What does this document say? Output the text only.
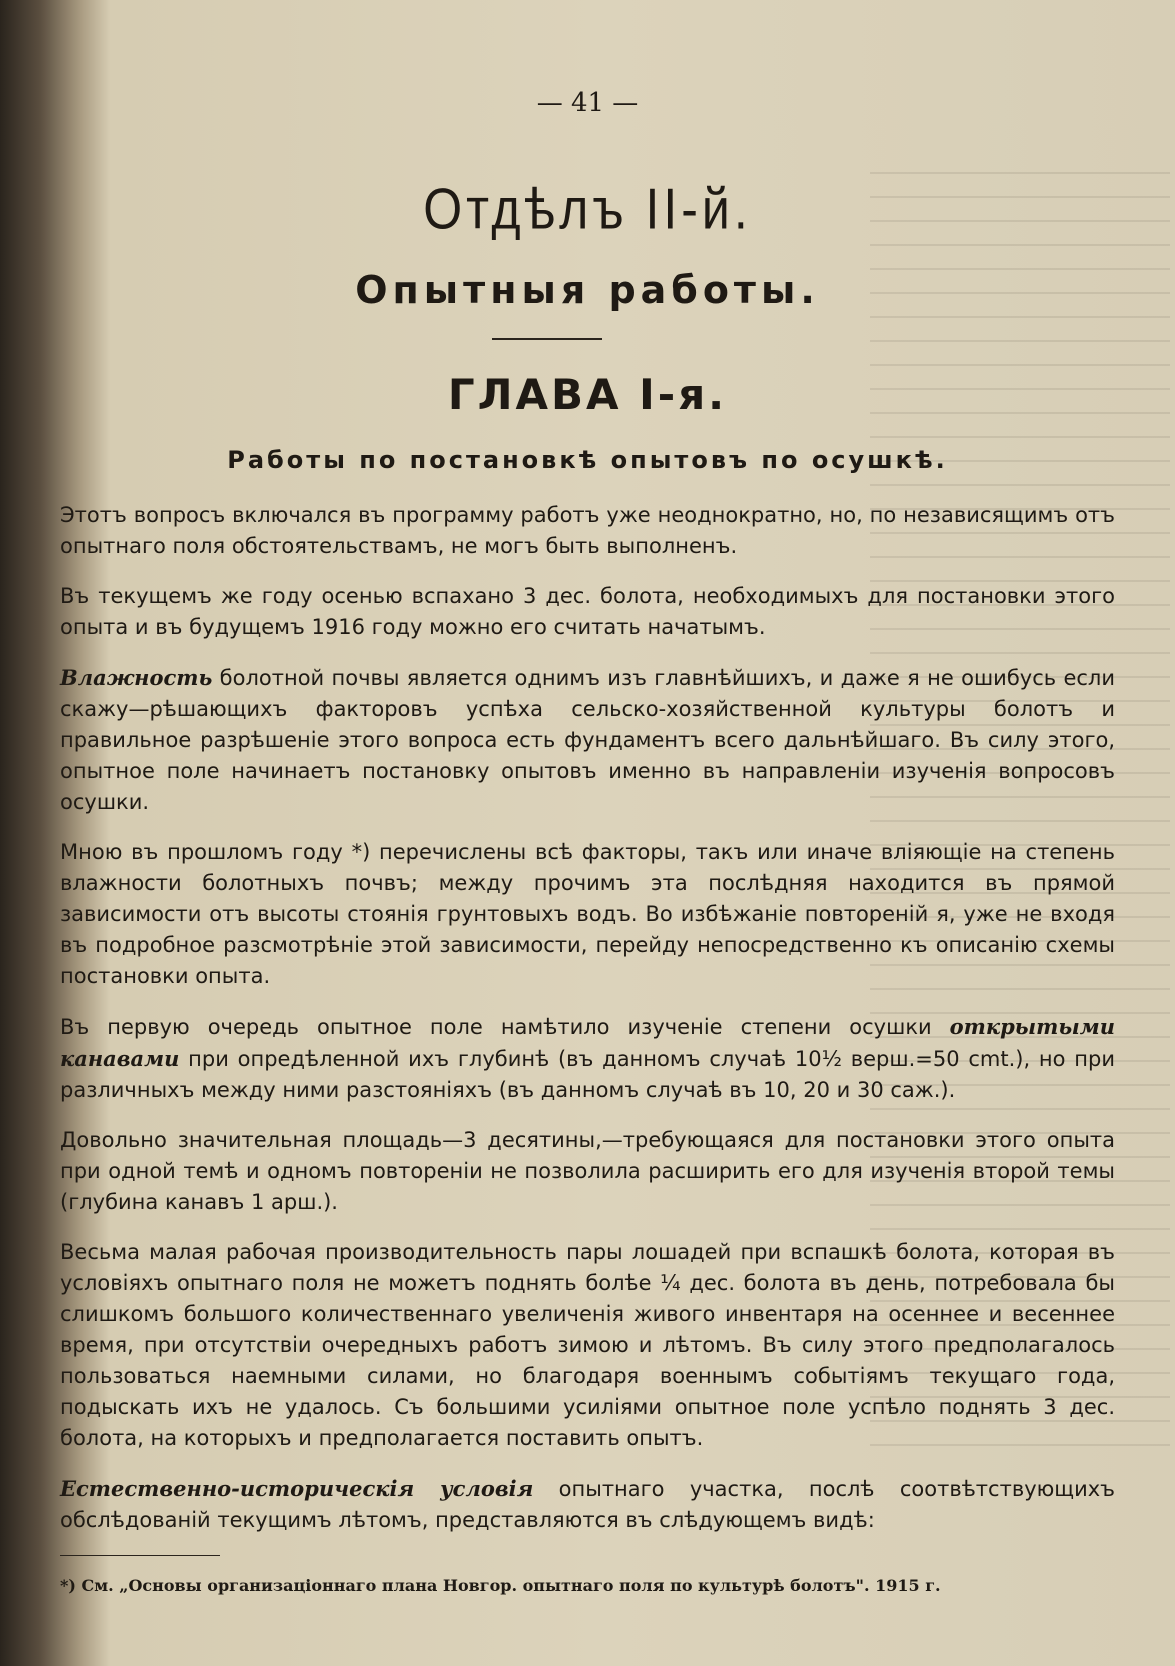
— 41 —
Отдѣлъ II-й.
Опытныя работы.
ГЛАВА I-я.
Работы по постановкѣ опытовъ по осушкѣ.

Этотъ вопросъ включался въ программу работъ уже неоднократно, но, по независящимъ отъ опытнаго поля обстоятельствамъ, не могъ быть выполненъ.

Въ текущемъ же году осенью вспахано 3 дес. болота, необходимыхъ для постановки этого опыта и въ будущемъ 1916 году можно его считать начатымъ.

Влажность болотной почвы является однимъ изъ главнѣйшихъ, и даже я не ошибусь если скажу—рѣшающихъ факторовъ успѣха сельско-хозяйственной культуры болотъ и правильное разрѣшеніе этого вопроса есть фундаментъ всего дальнѣйшаго. Въ силу этого, опытное поле начинаетъ постановку опытовъ именно въ направленіи изученія вопросовъ осушки.

Мною въ прошломъ году *) перечислены всѣ факторы, такъ или иначе вліяющіе на степень влажности болотныхъ почвъ; между прочимъ эта послѣдняя находится въ прямой зависимости отъ высоты стоянія грунтовыхъ водъ. Во избѣжаніе повтореній я, уже не входя въ подробное разсмотрѣніе этой зависимости, перейду непосредственно къ описанію схемы постановки опыта.

Въ первую очередь опытное поле намѣтило изученіе степени осушки открытыми канавами при опредѣленной ихъ глубинѣ (въ данномъ случаѣ 10½ верш.=50 cmt.), но при различныхъ между ними разстояніяхъ (въ данномъ случаѣ въ 10, 20 и 30 саж.).

Довольно значительная площадь—3 десятины,—требующаяся для постановки этого опыта при одной темѣ и одномъ повтореніи не позволила расширить его для изученія второй темы (глубина канавъ 1 арш.).

Весьма малая рабочая производительность пары лошадей при вспашкѣ болота, которая въ условіяхъ опытнаго поля не можетъ поднять болѣе ¼ дес. болота въ день, потребовала бы слишкомъ большого количественнаго увеличенія живого инвентаря на осеннее и весеннее время, при отсутствіи очередныхъ работъ зимою и лѣтомъ. Въ силу этого предполагалось пользоваться наемными силами, но благодаря военнымъ событіямъ текущаго года, подыскать ихъ не удалось. Съ большими усиліями опытное поле успѣло поднять 3 дес. болота, на которыхъ и предполагается поставить опытъ.

Естественно-историческія условія опытнаго участка, послѣ соотвѣтствующихъ обслѣдованій текущимъ лѣтомъ, представляются въ слѣдующемъ видѣ:

*) См. „Основы организаціоннаго плана Новгор. опытнаго поля по культурѣ болотъ". 1915 г.
